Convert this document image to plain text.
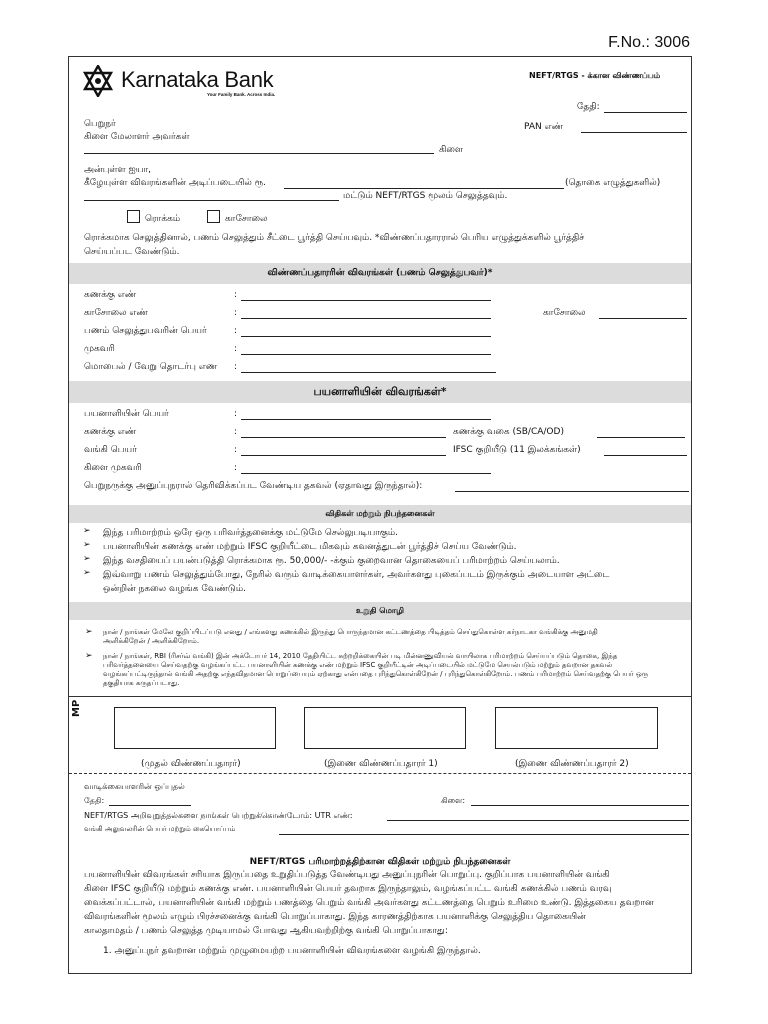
F.No.: 3006
Karnataka Bank
Your Family Bank. Across India.
NEFT/RTGS - க்கான விண்ணப்பம்
தேதி:
PAN எண்
பெறுநர்
கிளை மேலாளர் அவர்கள்
கிளை
அன்புள்ள ஐயா,
கீழேயுள்ள விவரங்களின் அடிப்படையில் ரூ.	(தொகை எழுத்துகளில்)
மட்டும் NEFT/RTGS மூலம் செலுத்தவும்.
ரொக்கம்	காசோலை
ரொக்கமாக செலுத்தினால், பணம் செலுத்தும் சீட்டை பூர்த்தி செய்யவும். *விண்ணப்பதாரரால் பெரிய எழுத்துக்களில் பூர்த்திச்
செய்யப்பட வேண்டும்.
விண்ணப்பதாரரின் விவரங்கள் (பணம் செலுத்துபவர்)*
கணக்கு எண்	:
காசோலை எண்	:	காசோலை
பணம் செலுத்துபவரின் பெயர்	:
முகவரி	:
மொபைல் / வேறு தொடர்பு எண :
பயனாளியின் விவரங்கள்*
பயனாளியின் பெயர்	:
கணக்கு எண்	:	கணக்கு வகை (SB/CA/OD)
வங்கி பெயர்	:	IFSC குறியீடு (11 இலக்கங்கள்)
கிளை முகவரி	:
பெறுநருக்கு அனுப்புநரால் தெரிவிக்கப்பட வேண்டிய தகவல் (ஏதாவது இருந்தால்):
விதிகள் மற்றும் நிபந்தனைகள்
➢ இந்த பரிமாற்றம் ஒரே ஒரு பரிவர்த்தனைக்கு மட்டுமே செல்லுபடியாகும்.
➢ பயனாளியின் கணக்கு எண் மற்றும் IFSC குறியீட்டை மிகவும் கவனத்துடன் பூர்த்திச் செய்ய வேண்டும்.
➢ இந்த வசதியைப் பயன்படுத்தி ரொக்கமாக ரூ. 50,000/- -க்கும் குறைவான தொகையைப் பரிமாற்றம் செய்யலாம்.
➢ இவ்வாறு பணம் செலுத்தும்போது, நேரில் வரும் வாடிக்கையாளர்கள், அவர்களது புகைப்படம் இருக்கும் அடையாள அட்டை
ஒன்றின் நகலை வழங்க வேண்டும்.
உறுதி மொழி
➢ நான் / நாங்கள் மேலே குறிப்பிடப்படு எனது / எங்களது கணக்கில் இருந்து பொருந்தமான கட்டணத்தை பிடித்தம் செய்துகொள்ள கர்நாடகா வங்கிக்கு அனுமதி
அளிக்கிறேன் / அளிக்கிறோம்.
➢ நான் / நாங்கள், RBI (ரிசர்வ் வங்கி) இன் அக்டோபர் 14, 2010 தேதியிட்ட சுற்றறிக்கையின் படி மின்னணுவியல் வாயிலாக பரிமாற்றம் செய்யப்படும் தொகை, இந்த
பரிவர்த்தனையை செய்வதற்கு வழங்கப்பட்ட பயனாளியின் கணக்கு எண் மற்றும் IFSC குறியீட்டின் அடிப்படையில் மட்டுமே செயல்படும் மற்றும் தவறான தகவல்
வழங்கப்பட்டிருந்தால் வங்கி அதற்கு எந்தவிதமான பொறுப்பையும் ஏற்காது என்பதை புரிந்துகொள்கிறேன் / புரிந்துகொள்கிறோம். பணம் பரிமாற்றம் செய்வதற்கு பெயர் ஒரு
தகுதியாக கருதப்படாது.
MP
(முதல் விண்ணப்பதாரர்)	(இணை விண்ணப்பதாரர் 1)	(இணை விண்ணப்பதாரர் 2)
வாடிக்கையாளரின் ஒப்புதல்
தேதி:	கிளை:
NEFT/RTGS அறிவுறுத்தல்களை நாங்கள் பெற்றுக்கொண்டோம்: UTR எண்:
வங்கி அலுவலரின் பெயர் மற்றும் கையொப்பம்
NEFT/RTGS பரிமாற்றத்திற்கான விதிகள் மற்றும் நிபந்தனைகள்
பயனாளியின் விவரங்கள் சரியாக இருப்பதை உறுதிப்படுத்த வேண்டியது அனுப்புநரின் பொறுப்பு. குறிப்பாக பயனாளியின் வங்கி
கிளை IFSC குறியீடு மற்றும் கணக்கு எண். பயனாளியின் பெயர் தவறாக இருந்தாலும், வழங்கப்பட்ட வங்கி கணக்கில் பணம் வரவு
வைக்கப்பட்டால், பயனாளியின் வங்கி மற்றும் பணத்தை பெறும் வங்கி அவர்களது கட்டணத்தை பெறும் உரிமை உண்டு. இத்தகைய தவறான
விவரங்களின் மூலம் எழும் பிரச்சனைக்கு வங்கி பொறுப்பாகாது. இந்த காரணத்திற்காக பயனாளிக்கு செலுத்திய தொகையின்
காலதாமதம் / பணம் செலுத்த முடியாமல் போவது ஆகியவற்றிற்கு வங்கி பொறுப்பாகாது:
1. அனுப்புநர் தவறான மற்றும் முழுமையற்ற பயனாளியின் விவரங்களை வழங்கி இருந்தால்.
